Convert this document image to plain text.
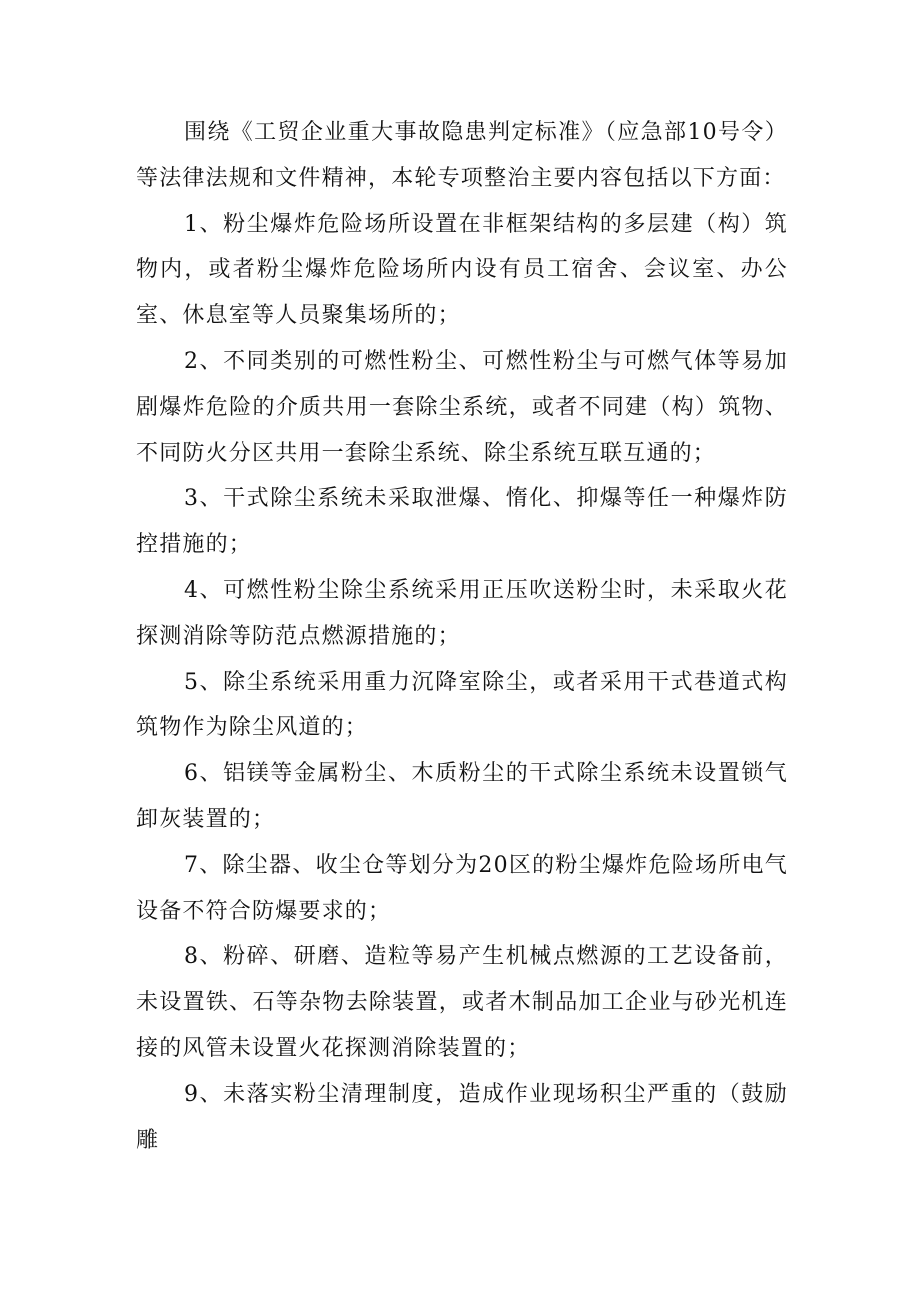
围绕《工贸企业重大事故隐患判定标准》（应急部10号令）等法律法规和文件精神，本轮专项整治主要内容包括以下方面：

1、粉尘爆炸危险场所设置在非框架结构的多层建（构）筑物内，或者粉尘爆炸危险场所内设有员工宿舍、会议室、办公室、休息室等人员聚集场所的；

2、不同类别的可燃性粉尘、可燃性粉尘与可燃气体等易加剧爆炸危险的介质共用一套除尘系统，或者不同建（构）筑物、不同防火分区共用一套除尘系统、除尘系统互联互通的；

3、干式除尘系统未采取泄爆、惰化、抑爆等任一种爆炸防控措施的；

4、可燃性粉尘除尘系统采用正压吹送粉尘时，未采取火花探测消除等防范点燃源措施的；

5、除尘系统采用重力沉降室除尘，或者采用干式巷道式构筑物作为除尘风道的；

6、铝镁等金属粉尘、木质粉尘的干式除尘系统未设置锁气卸灰装置的；

7、除尘器、收尘仓等划分为20区的粉尘爆炸危险场所电气设备不符合防爆要求的；

8、粉碎、研磨、造粒等易产生机械点燃源的工艺设备前，未设置铁、石等杂物去除装置，或者木制品加工企业与砂光机连接的风管未设置火花探测消除装置的；

9、未落实粉尘清理制度，造成作业现场积尘严重的（鼓励雕
